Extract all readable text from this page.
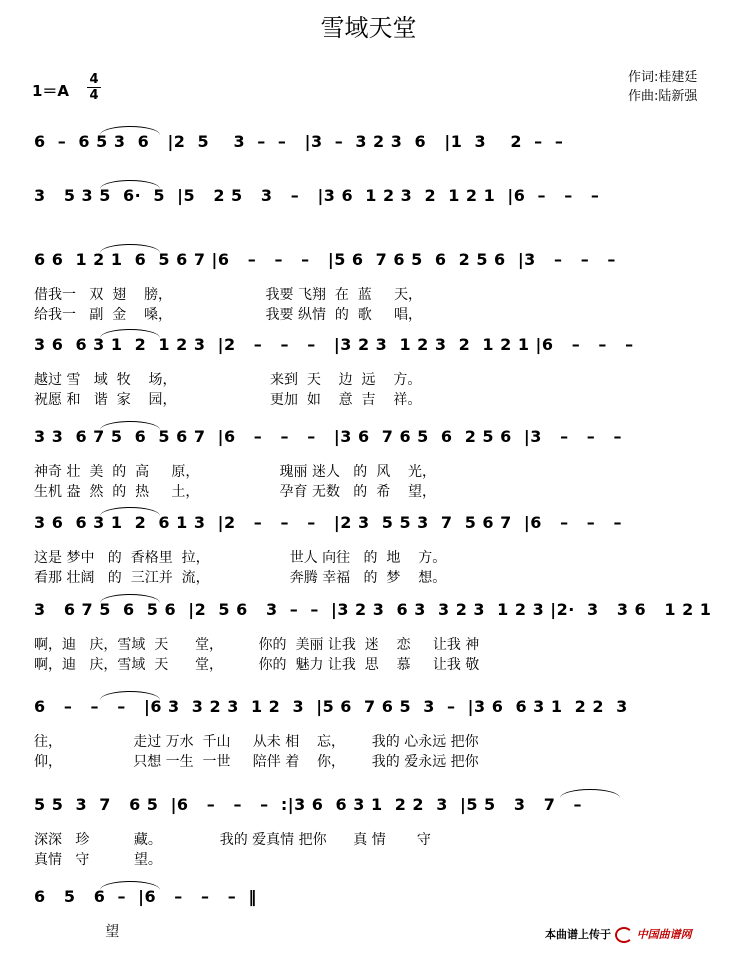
雪域天堂
1＝A
4
4
作词:桂建廷
作曲:陆新强
6  –  6 5 3  6   |2  5    3  –  –   |3  –  3 2 3  6   |1  3    2  –  –
3   5 3 5  6·  5  |5   2 5   3   –   |3 6  1 2 3  2  1 2 1  |6  –   –   –
6 6  1 2 1  6  5 6 7 |6   –   –   –   |5 6  7 6 5  6  2 5 6  |3   –   –   –
借我一   双  翅    膀，                     我要 飞翔  在  蓝     天，
给我一   副  金    嗓，                     我要 纵情  的  歌     唱，
3 6  6 3 1  2  1 2 3  |2   –   –   –   |3 2 3  1 2 3  2  1 2 1 |6   –   –   –
越过 雪   域  牧    场，                     来到  天    边  远    方。
祝愿 和   谐  家    园，                     更加  如    意  吉    祥。
3 3  6 7 5  6  5 6 7  |6   –   –   –   |3 6  7 6 5  6  2 5 6  |3   –   –   –
神奇 壮  美  的  高     原，                  瑰丽 迷人   的  风    光，
生机 盎  然  的  热     土，                  孕育 无数   的  希    望，
3 6  6 3 1  2  6 1 3  |2   –   –   –   |2 3  5 5 3  7  5 6 7  |6   –   –   –
这是 梦中   的  香格里  拉，                  世人 向往   的  地    方。
看那 壮阔   的  三江并  流，                  奔腾 幸福   的  梦    想。
3   6 7 5  6  5 6  |2  5 6   3  –  –  |3 2 3  6 3  3 2 3  1 2 3 |2·  3   3 6   1 2 1
啊，迪   庆，雪域  天      堂，        你的  美丽 让我  迷    恋     让我 神
啊，迪   庆，雪域  天      堂，        你的  魅力 让我  思    慕     让我 敬
6   –   –   –   |6 3  3 2 3  1 2  3  |5 6  7 6 5  3  –  |3 6  6 3 1  2 2  3
往，                走过 万水  千山     从未 相    忘，      我的 心永远 把你
仰，                只想 一生  一世     陪伴 着    你，      我的 爱永远 把你
5 5  3  7   6 5  |6   –   –   –  :|3 6  6 3 1  2 2  3  |5 5   3   7   –
深深   珍          藏。             我的 爱真情 把你      真 情       守
真情   守          望。
6   5   6  –  |6   –   –   –  ‖
望	本曲谱上传于 中国曲谱网
